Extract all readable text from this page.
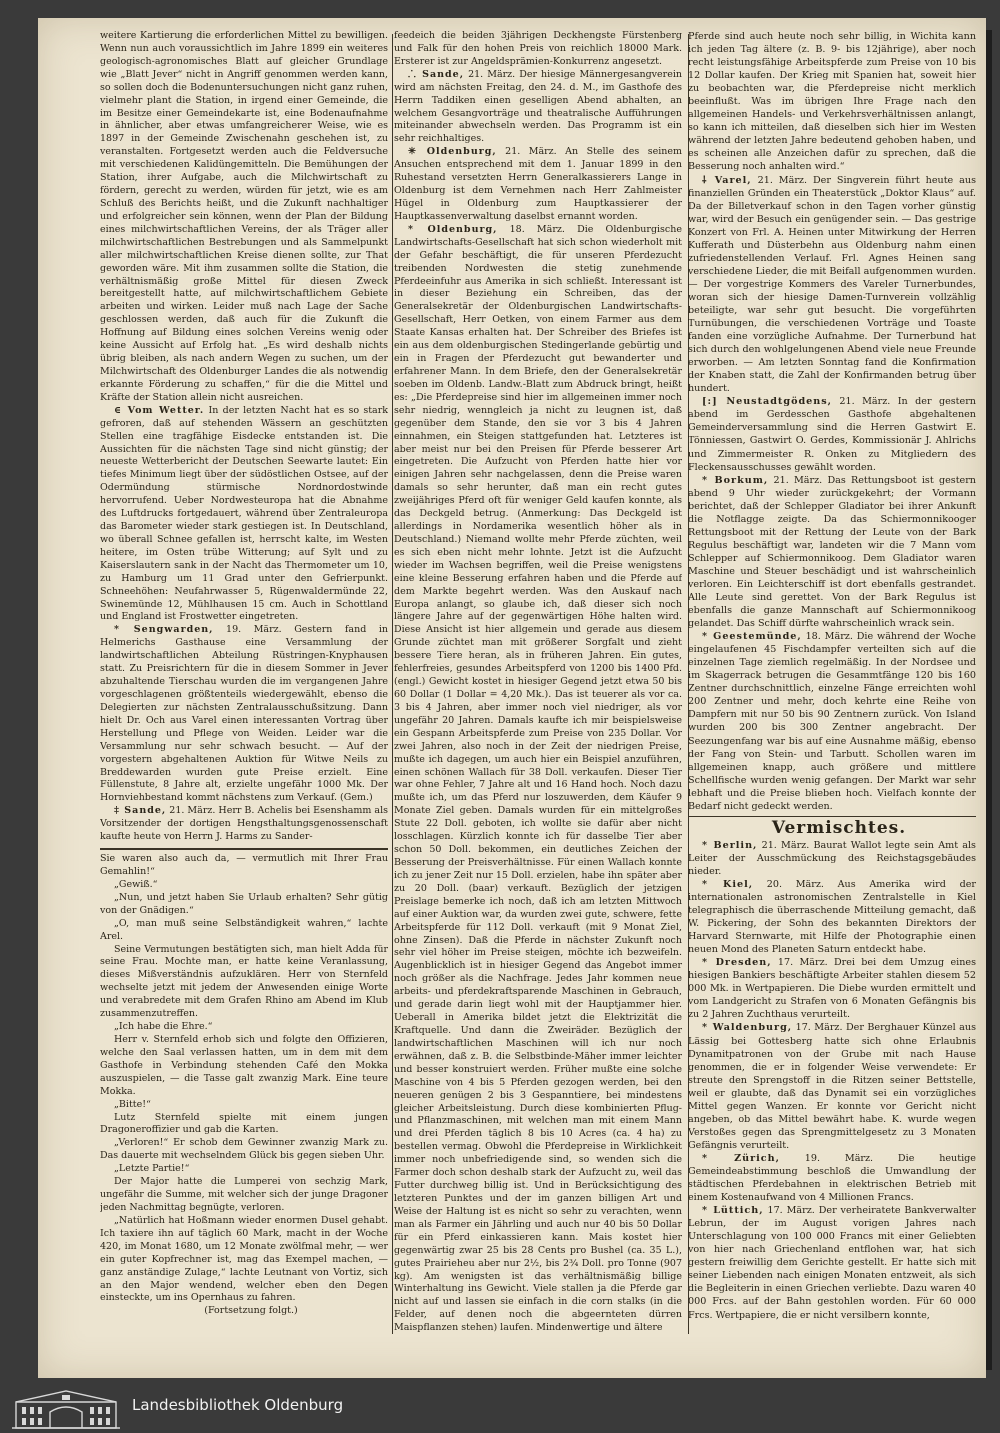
weitere Kartierung die erforderlichen Mittel zu bewilligen. Wenn nun auch voraussichtlich im Jahre 1899 ein weiteres geologisch-agronomisches Blatt auf gleicher Grundlage wie „Blatt Jever“ nicht in Angriff genommen werden kann, so sollen doch die Bodenuntersuchungen nicht ganz ruhen, vielmehr plant die Station, in irgend einer Gemeinde, die im Besitze einer Gemeindekarte ist, eine Bodenaufnahme in ähnlicher, aber etwas umfangreicherer Weise, wie es 1897 in der Gemeinde Zwischenahn geschehen ist, zu veranstalten. Fortgesetzt werden auch die Feldversuche mit verschiedenen Kalidüngemitteln. Die Bemühungen der Station, ihrer Aufgabe, auch die Milchwirtschaft zu fördern, gerecht zu werden, würden für jetzt, wie es am Schluß des Berichts heißt, und die Zukunft nachhaltiger und erfolgreicher sein können, wenn der Plan der Bildung eines milchwirtschaftlichen Vereins, der als Träger aller milchwirtschaftlichen Bestrebungen und als Sammelpunkt aller milchwirtschaftlichen Kreise dienen sollte, zur That geworden wäre. Mit ihm zusammen sollte die Station, die verhältnismäßig große Mittel für diesen Zweck bereitgestellt hatte, auf milchwirtschaftlichem Gebiete arbeiten und wirken. Leider muß nach Lage der Sache geschlossen werden, daß auch für die Zukunft die Hoffnung auf Bildung eines solchen Vereins wenig oder keine Aussicht auf Erfolg hat. „Es wird deshalb nichts übrig bleiben, als nach andern Wegen zu suchen, um der Milchwirtschaft des Oldenburger Landes die als notwendig erkannte Förderung zu schaffen,“ für die die Mittel und Kräfte der Station allein nicht ausreichen.

∈ Vom Wetter. In der letzten Nacht hat es so stark gefroren, daß auf stehenden Wässern an geschützten Stellen eine tragfähige Eisdecke entstanden ist. Die Aussichten für die nächsten Tage sind nicht günstig; der neueste Wetterbericht der Deutschen Seewarte lautet: Ein tiefes Minimum liegt über der südöstlichen Ostsee, auf der Odermündung stürmische Nordnordostwinde hervorrufend. Ueber Nordwesteuropa hat die Abnahme des Luftdrucks fortgedauert, während über Zentraleuropa das Barometer wieder stark gestiegen ist. In Deutschland, wo überall Schnee gefallen ist, herrscht kalte, im Westen heitere, im Osten trübe Witterung; auf Sylt und zu Kaiserslautern sank in der Nacht das Thermometer um 10, zu Hamburg um 11 Grad unter den Gefrierpunkt. Schneehöhen: Neufahrwasser 5, Rügenwaldermünde 22, Swinemünde 12, Mühlhausen 15 cm. Auch in Schottland und England ist Frostwetter eingetreten.

* Sengwarden, 19. März. Gestern fand in Helmerichs Gasthause eine Versammlung der landwirtschaftlichen Abteilung Rüstringen-Knyphausen statt. Zu Preisrichtern für die in diesem Sommer in Jever abzuhaltende Tierschau wurden die im vergangenen Jahre vorgeschlagenen größtenteils wiedergewählt, ebenso die Delegierten zur nächsten Zentralausschußsitzung. Dann hielt Dr. Och aus Varel einen interessanten Vortrag über Herstellung und Pflege von Weiden. Leider war die Versammlung nur sehr schwach besucht. — Auf der vorgestern abgehaltenen Auktion für Witwe Neils zu Breddewarden wurden gute Preise erzielt. Eine Füllenstute, 8 Jahre alt, erzielte ungefähr 1000 Mk. Der Hornviehbestand kommt nächstens zum Verkauf. (Gem.)

‡ Sande, 21. März. Herr B. Achelis bei Esenshamm als Vorsitzender der dortigen Hengsthaltungsgenossenschaft kaufte heute von Herrn J. Harms zu Sander-

Sie waren also auch da, — vermutlich mit Ihrer Frau Gemahlin!“

„Gewiß.“

„Nun, und jetzt haben Sie Urlaub erhalten? Sehr gütig von der Gnädigen.“

„O, man muß seine Selbständigkeit wahren,“ lachte Arel.

Seine Vermutungen bestätigten sich, man hielt Adda für seine Frau. Mochte man, er hatte keine Veranlassung, dieses Mißverständnis aufzuklären. Herr von Sternfeld wechselte jetzt mit jedem der Anwesenden einige Worte und verabredete mit dem Grafen Rhino am Abend im Klub zusammenzutreffen.

„Ich habe die Ehre.“

Herr v. Sternfeld erhob sich und folgte den Offizieren, welche den Saal verlassen hatten, um in dem mit dem Gasthofe in Verbindung stehenden Café den Mokka auszuspielen, — die Tasse galt zwanzig Mark. Eine teure Mokka.

„Bitte!“

Lutz Sternfeld spielte mit einem jungen Dragoneroffizier und gab die Karten.

„Verloren!“ Er schob dem Gewinner zwanzig Mark zu. Das dauerte mit wechselndem Glück bis gegen sieben Uhr.

„Letzte Partie!“

Der Major hatte die Lumperei von sechzig Mark, ungefähr die Summe, mit welcher sich der junge Dragoner jeden Nachmittag begnügte, verloren.

„Natürlich hat Hoßmann wieder enormen Dusel gehabt. Ich taxiere ihn auf täglich 60 Mark, macht in der Woche 420, im Monat 1680, um 12 Monate zwölfmal mehr, — wer ein guter Kopfrechner ist, mag das Exempel machen, — ganz anständige Zulage,“ lachte Leutnant von Vortiz, sich an den Major wendend, welcher eben den Degen einsteckte, um ins Opernhaus zu fahren.

(Fortsetzung folgt.)

feedeich die beiden 3jährigen Deckhengste Fürstenberg und Falk für den hohen Preis von reichlich 18000 Mark. Ersterer ist zur Angeldsprämien-Konkurrenz angesetzt.

⸫ Sande, 21. März. Der hiesige Männergesangverein wird am nächsten Freitag, den 24. d. M., im Gasthofe des Herrn Taddiken einen geselligen Abend abhalten, an welchem Gesangvorträge und theatralische Aufführungen miteinander abwechseln werden. Das Programm ist ein sehr reichhaltiges.

✳ Oldenburg, 21. März. An Stelle des seinem Ansuchen entsprechend mit dem 1. Januar 1899 in den Ruhestand versetzten Herrn Generalkassierers Lange in Oldenburg ist dem Vernehmen nach Herr Zahlmeister Hügel in Oldenburg zum Hauptkassierer der Hauptkassenverwaltung daselbst ernannt worden.

* Oldenburg, 18. März. Die Oldenburgische Landwirtschafts-Gesellschaft hat sich schon wiederholt mit der Gefahr beschäftigt, die für unseren Pferdezucht treibenden Nordwesten die stetig zunehmende Pferdeeinfuhr aus Amerika in sich schließt. Interessant ist in dieser Beziehung ein Schreiben, das der Generalsekretär der Oldenburgischen Landwirtschafts-Gesellschaft, Herr Oetken, von einem Farmer aus dem Staate Kansas erhalten hat. Der Schreiber des Briefes ist ein aus dem oldenburgischen Stedingerlande gebürtig und ein in Fragen der Pferdezucht gut bewanderter und erfahrener Mann. In dem Briefe, den der Generalsekretär soeben im Oldenb. Landw.-Blatt zum Abdruck bringt, heißt es: „Die Pferdepreise sind hier im allgemeinen immer noch sehr niedrig, wenngleich ja nicht zu leugnen ist, daß gegenüber dem Stande, den sie vor 3 bis 4 Jahren einnahmen, ein Steigen stattgefunden hat. Letzteres ist aber meist nur bei den Preisen für Pferde besserer Art eingetreten. Die Aufzucht von Pferden hatte hier vor einigen Jahren sehr nachgelassen, denn die Preise waren damals so sehr herunter, daß man ein recht gutes zweijähriges Pferd oft für weniger Geld kaufen konnte, als das Deckgeld betrug. (Anmerkung: Das Deckgeld ist allerdings in Nordamerika wesentlich höher als in Deutschland.) Niemand wollte mehr Pferde züchten, weil es sich eben nicht mehr lohnte. Jetzt ist die Aufzucht wieder im Wachsen begriffen, weil die Preise wenigstens eine kleine Besserung erfahren haben und die Pferde auf dem Markte begehrt werden. Was den Auskauf nach Europa anlangt, so glaube ich, daß dieser sich noch längere Jahre auf der gegenwärtigen Höhe halten wird. Diese Ansicht ist hier allgemein und gerade aus diesem Grunde züchtet man mit größerer Sorgfalt und zieht bessere Tiere heran, als in früheren Jahren. Ein gutes, fehlerfreies, gesundes Arbeitspferd von 1200 bis 1400 Pfd. (engl.) Gewicht kostet in hiesiger Gegend jetzt etwa 50 bis 60 Dollar (1 Dollar = 4,20 Mk.). Das ist teuerer als vor ca. 3 bis 4 Jahren, aber immer noch viel niedriger, als vor ungefähr 20 Jahren. Damals kaufte ich mir beispielsweise ein Gespann Arbeitspferde zum Preise von 235 Dollar. Vor zwei Jahren, also noch in der Zeit der niedrigen Preise, mußte ich dagegen, um auch hier ein Beispiel anzuführen, einen schönen Wallach für 38 Doll. verkaufen. Dieser Tier war ohne Fehler, 7 Jahre alt und 16 Hand hoch. Noch dazu mußte ich, um das Pferd nur loszuwerden, dem Käufer 9 Monate Ziel geben. Damals wurden für ein mittelgroßes Stute 22 Doll. geboten, ich wollte sie dafür aber nicht losschlagen. Kürzlich konnte ich für dasselbe Tier aber schon 50 Doll. bekommen, ein deutliches Zeichen der Besserung der Preisverhältnisse. Für einen Wallach konnte ich zu jener Zeit nur 15 Doll. erzielen, habe ihn später aber zu 20 Doll. (baar) verkauft. Bezüglich der jetzigen Preislage bemerke ich noch, daß ich am letzten Mittwoch auf einer Auktion war, da wurden zwei gute, schwere, fette Arbeitspferde für 112 Doll. verkauft (mit 9 Monat Ziel, ohne Zinsen). Daß die Pferde in nächster Zukunft noch sehr viel höher im Preise steigen, möchte ich bezweifeln. Augenblicklich ist in hiesiger Gegend das Angebot immer noch größer als die Nachfrage. Jedes Jahr kommen neue arbeits- und pferdekraftsparende Maschinen in Gebrauch, und gerade darin liegt wohl mit der Hauptjammer hier. Ueberall in Amerika bildet jetzt die Elektrizität die Kraftquelle. Und dann die Zweiräder. Bezüglich der landwirtschaftlichen Maschinen will ich nur noch erwähnen, daß z. B. die Selbstbinde-Mäher immer leichter und besser konstruiert werden. Früher mußte eine solche Maschine von 4 bis 5 Pferden gezogen werden, bei den neueren genügen 2 bis 3 Gespanntiere, bei mindestens gleicher Arbeitsleistung. Durch diese kombinierten Pflug- und Pflanzmaschinen, mit welchen man mit einem Mann und drei Pferden täglich 8 bis 10 Acres (ca. 4 ha) zu bestellen vermag. Obwohl die Pferdepreise in Wirklichkeit immer noch unbefriedigende sind, so wenden sich die Farmer doch schon deshalb stark der Aufzucht zu, weil das Futter durchweg billig ist. Und in Berücksichtigung des letzteren Punktes und der im ganzen billigen Art und Weise der Haltung ist es nicht so sehr zu verachten, wenn man als Farmer ein Jährling und auch nur 40 bis 50 Dollar für ein Pferd einkassieren kann. Mais kostet hier gegenwärtig zwar 25 bis 28 Cents pro Bushel (ca. 35 L.), gutes Prairieheu aber nur 2½, bis 2¾ Doll. pro Tonne (907 kg). Am wenigsten ist das verhältnismäßig billige Winterhaltung ins Gewicht. Viele stallen ja die Pferde gar nicht auf und lassen sie einfach in die corn stalks (in die Felder, auf denen noch die abgeernteten dürren Maispflanzen stehen) laufen. Mindenwertige und ältere

Pferde sind auch heute noch sehr billig, in Wichita kann ich jeden Tag ältere (z. B. 9- bis 12jährige), aber noch recht leistungsfähige Arbeitspferde zum Preise von 10 bis 12 Dollar kaufen. Der Krieg mit Spanien hat, soweit hier zu beobachten war, die Pferdepreise nicht merklich beeinflußt. Was im übrigen Ihre Frage nach den allgemeinen Handels- und Verkehrsverhältnissen anlangt, so kann ich mitteilen, daß dieselben sich hier im Westen während der letzten Jahre bedeutend gehoben haben, und es scheinen alle Anzeichen dafür zu sprechen, daß die Besserung noch anhalten wird.“

⸸ Varel, 21. März. Der Singverein führt heute aus finanziellen Gründen ein Theaterstück „Doktor Klaus“ auf. Da der Billetverkauf schon in den Tagen vorher günstig war, wird der Besuch ein genügender sein. — Das gestrige Konzert von Frl. A. Heinen unter Mitwirkung der Herren Kufferath und Düsterbehn aus Oldenburg nahm einen zufriedenstellenden Verlauf. Frl. Agnes Heinen sang verschiedene Lieder, die mit Beifall aufgenommen wurden. — Der vorgestrige Kommers des Vareler Turnerbundes, woran sich der hiesige Damen-Turnverein vollzählig beteiligte, war sehr gut besucht. Die vorgeführten Turnübungen, die verschiedenen Vorträge und Toaste fanden eine vorzügliche Aufnahme. Der Turnerbund hat sich durch den wohlgelungenen Abend viele neue Freunde erworben. — Am letzten Sonntag fand die Konfirmation der Knaben statt, die Zahl der Konfirmanden betrug über hundert.

[:] Neustadtgödens, 21. März. In der gestern abend im Gerdesschen Gasthofe abgehaltenen Gemeinderversammlung sind die Herren Gastwirt E. Tönniessen, Gastwirt O. Gerdes, Kommissionär J. Ahlrichs und Zimmermeister R. Onken zu Mitgliedern des Fleckensausschusses gewählt worden.

* Borkum, 21. März. Das Rettungsboot ist gestern abend 9 Uhr wieder zurückgekehrt; der Vormann berichtet, daß der Schlepper Gladiator bei ihrer Ankunft die Notflagge zeigte. Da das Schiermonnikooger Rettungsboot mit der Rettung der Leute von der Bark Regulus beschäftigt war, landeten wir die 7 Mann vom Schlepper auf Schiermonnikoog. Dem Gladiator waren Maschine und Steuer beschädigt und ist wahrscheinlich verloren. Ein Leichterschiff ist dort ebenfalls gestrandet. Alle Leute sind gerettet. Von der Bark Regulus ist ebenfalls die ganze Mannschaft auf Schiermonnikoog gelandet. Das Schiff dürfte wahrscheinlich wrack sein.

* Geestemünde, 18. März. Die während der Woche eingelaufenen 45 Fischdampfer verteilten sich auf die einzelnen Tage ziemlich regelmäßig. In der Nordsee und im Skagerrack betrugen die Gesammtfänge 120 bis 160 Zentner durchschnittlich, einzelne Fänge erreichten wohl 200 Zentner und mehr, doch kehrte eine Reihe von Dampfern mit nur 50 bis 90 Zentnern zurück. Von Island wurden 200 bis 300 Zentner angebracht. Der Seezungenfang war bis auf eine Ausnahme mäßig, ebenso der Fang von Stein- und Tarbutt. Schollen waren im allgemeinen knapp, auch größere und mittlere Schellfische wurden wenig gefangen. Der Markt war sehr lebhaft und die Preise blieben hoch. Vielfach konnte der Bedarf nicht gedeckt werden.

Vermischtes.

* Berlin, 21. März. Baurat Wallot legte sein Amt als Leiter der Ausschmückung des Reichstagsgebäudes nieder.

* Kiel, 20. März. Aus Amerika wird der internationalen astronomischen Zentralstelle in Kiel telegraphisch die überraschende Mitteilung gemacht, daß W. Pickering, der Sohn des bekannten Direktors der Harvard Sternwarte, mit Hilfe der Photographie einen neuen Mond des Planeten Saturn entdeckt habe.

* Dresden, 17. März. Drei bei dem Umzug eines hiesigen Bankiers beschäftigte Arbeiter stahlen diesem 52 000 Mk. in Wertpapieren. Die Diebe wurden ermittelt und vom Landgericht zu Strafen von 6 Monaten Gefängnis bis zu 2 Jahren Zuchthaus verurteilt.

* Waldenburg, 17. März. Der Berghauer Künzel aus Lässig bei Gottesberg hatte sich ohne Erlaubnis Dynamitpatronen von der Grube mit nach Hause genommen, die er in folgender Weise verwendete: Er streute den Sprengstoff in die Ritzen seiner Bettstelle, weil er glaubte, daß das Dynamit sei ein vorzügliches Mittel gegen Wanzen. Er konnte vor Gericht nicht angeben, ob das Mittel bewährt habe. K. wurde wegen Verstoßes gegen das Sprengmittelgesetz zu 3 Monaten Gefängnis verurteilt.

* Zürich,	19. März. Die heutige Gemeindeabstimmung beschloß die Umwandlung der städtischen Pferdebahnen in elektrischen Betrieb mit einem Kostenaufwand von 4 Millionen Francs.

* Lüttich, 17. März. Der verheiratete Bankverwalter Lebrun, der im August vorigen Jahres nach Unterschlagung von 100 000 Francs mit einer Geliebten von hier nach Griechenland entflohen war, hat sich gestern freiwillig dem Gerichte gestellt. Er hatte sich mit seiner Liebenden nach einigen Monaten entzweit, als sich die Begleiterin in einen Griechen verliebte. Dazu waren 40 000 Frcs. auf der Bahn gestohlen worden. Für 60 000 Frcs. Wertpapiere, die er nicht versilbern konnte,

Landesbibliothek Oldenburg
